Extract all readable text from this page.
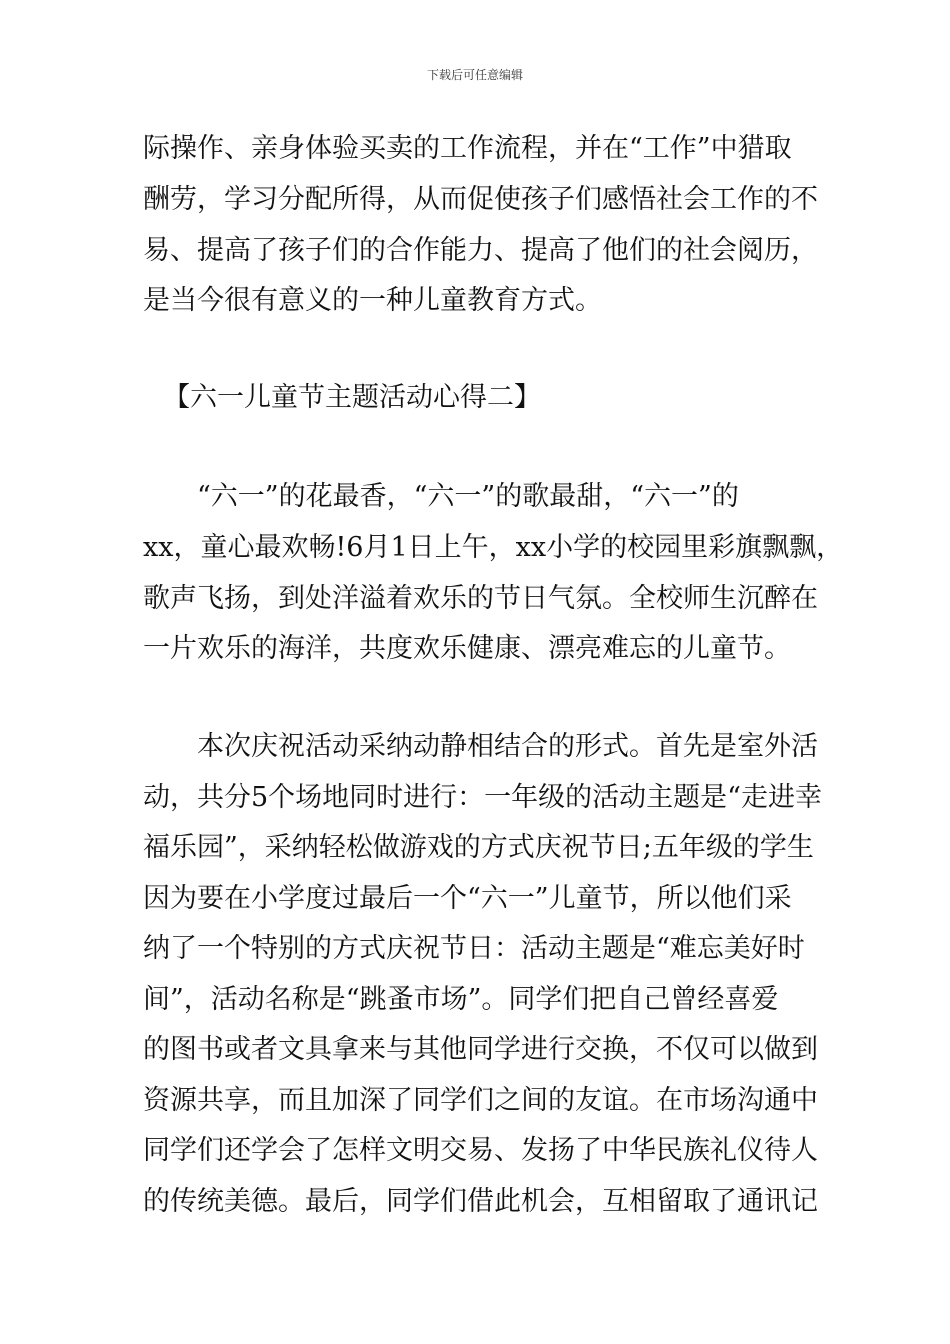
下载后可任意编辑
际操作、亲身体验买卖的工作流程，并在“工作”中猎取
酬劳，学习分配所得，从而促使孩子们感悟社会工作的不
易、提高了孩子们的合作能力、提高了他们的社会阅历，
是当今很有意义的一种儿童教育方式。
【六一儿童节主题活动心得二】
“六一”的花最香，“六一”的歌最甜，“六一”的
xx，童心最欢畅!6月1日上午，xx小学的校园里彩旗飘飘，
歌声飞扬，到处洋溢着欢乐的节日气氛。全校师生沉醉在
一片欢乐的海洋，共度欢乐健康、漂亮难忘的儿童节。
本次庆祝活动采纳动静相结合的形式。首先是室外活
动，共分5个场地同时进行：一年级的活动主题是“走进幸
福乐园”，采纳轻松做游戏的方式庆祝节日;五年级的学生
因为要在小学度过最后一个“六一”儿童节，所以他们采
纳了一个特别的方式庆祝节日：活动主题是“难忘美好时
间”，活动名称是“跳蚤市场”。同学们把自己曾经喜爱
的图书或者文具拿来与其他同学进行交换，不仅可以做到
资源共享，而且加深了同学们之间的友谊。在市场沟通中
同学们还学会了怎样文明交易、发扬了中华民族礼仪待人
的传统美德。最后，同学们借此机会，互相留取了通讯记
